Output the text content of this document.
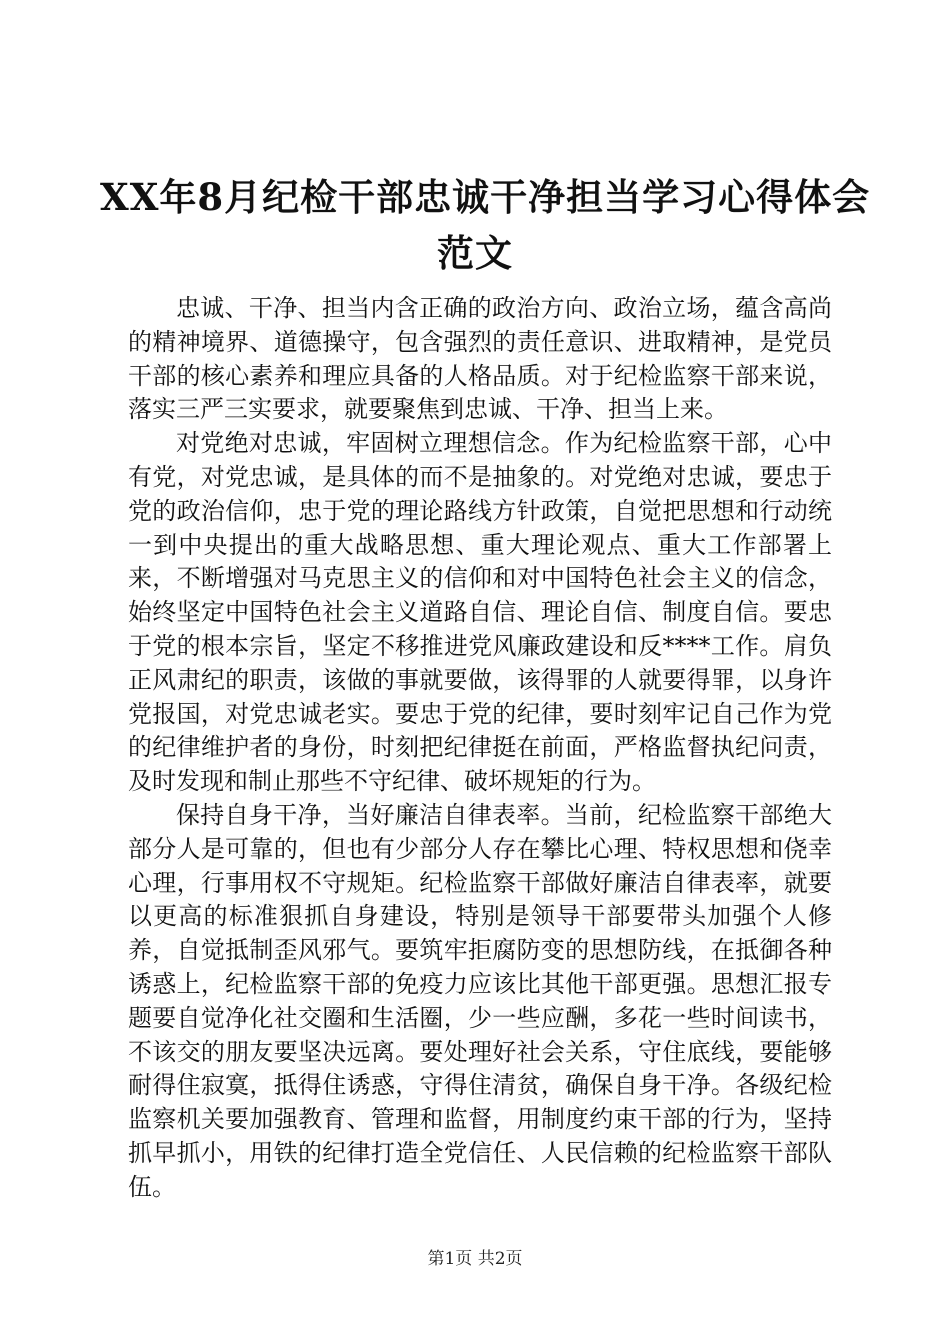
XX年8月纪检干部忠诚干净担当学习心得体会
范文

忠诚、干净、担当内含正确的政治方向、政治立场，蕴含高尚的精神境界、道德操守，包含强烈的责任意识、进取精神，是党员干部的核心素养和理应具备的人格品质。对于纪检监察干部来说，落实三严三实要求，就要聚焦到忠诚、干净、担当上来。

对党绝对忠诚，牢固树立理想信念。作为纪检监察干部，心中有党，对党忠诚，是具体的而不是抽象的。对党绝对忠诚，要忠于党的政治信仰，忠于党的理论路线方针政策，自觉把思想和行动统一到中央提出的重大战略思想、重大理论观点、重大工作部署上来，不断增强对马克思主义的信仰和对中国特色社会主义的信念，始终坚定中国特色社会主义道路自信、理论自信、制度自信。要忠于党的根本宗旨，坚定不移推进党风廉政建设和反****工作。肩负正风肃纪的职责，该做的事就要做，该得罪的人就要得罪，以身许党报国，对党忠诚老实。要忠于党的纪律，要时刻牢记自己作为党的纪律维护者的身份，时刻把纪律挺在前面，严格监督执纪问责，及时发现和制止那些不守纪律、破坏规矩的行为。

保持自身干净，当好廉洁自律表率。当前，纪检监察干部绝大部分人是可靠的，但也有少部分人存在攀比心理、特权思想和侥幸心理，行事用权不守规矩。纪检监察干部做好廉洁自律表率，就要以更高的标准狠抓自身建设，特别是领导干部要带头加强个人修养，自觉抵制歪风邪气。要筑牢拒腐防变的思想防线，在抵御各种诱惑上，纪检监察干部的免疫力应该比其他干部更强。思想汇报专题要自觉净化社交圈和生活圈，少一些应酬，多花一些时间读书，不该交的朋友要坚决远离。要处理好社会关系，守住底线，要能够耐得住寂寞，抵得住诱惑，守得住清贫，确保自身干净。各级纪检监察机关要加强教育、管理和监督，用制度约束干部的行为，坚持抓早抓小，用铁的纪律打造全党信任、人民信赖的纪检监察干部队伍。

第1页 共2页
